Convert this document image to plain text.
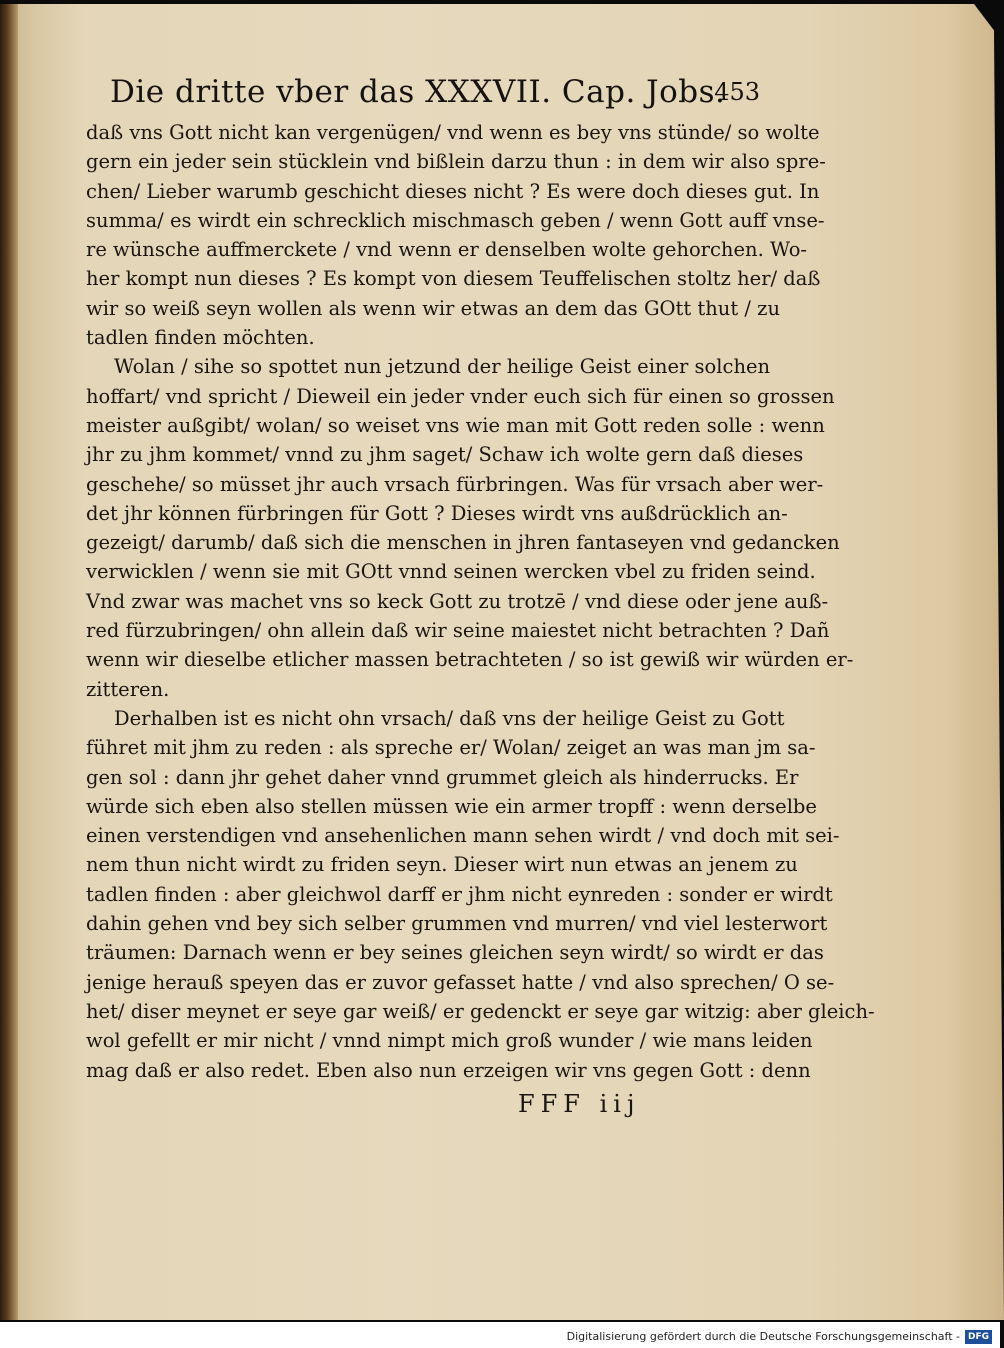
Die dritte vber das XXXVII. Cap. Jobs.
453
daß vns Gott nicht kan vergenügen/ vnd wenn es bey vns stünde/ so wolte
gern ein jeder sein stücklein vnd bißlein darzu thun : in dem wir also spre-
chen/ Lieber warumb geschicht dieses nicht ? Es were doch dieses gut. In
summa/ es wirdt ein schrecklich mischmasch geben / wenn Gott auff vnse-
re wünsche auffmerckete / vnd wenn er denselben wolte gehorchen. Wo-
her kompt nun dieses ? Es kompt von diesem Teuffelischen stoltz her/ daß
wir so weiß seyn wollen als wenn wir etwas an dem das GOtt thut / zu
tadlen finden möchten.
Wolan / sihe so spottet nun jetzund der heilige Geist einer solchen
hoffart/ vnd spricht / Dieweil ein jeder vnder euch sich für einen so grossen
meister außgibt/ wolan/ so weiset vns wie man mit Gott reden solle : wenn
jhr zu jhm kommet/ vnnd zu jhm saget/ Schaw ich wolte gern daß dieses
geschehe/ so müsset jhr auch vrsach fürbringen. Was für vrsach aber wer-
det jhr können fürbringen für Gott ? Dieses wirdt vns außdrücklich an-
gezeigt/ darumb/ daß sich die menschen in jhren fantaseyen vnd gedancken
verwicklen / wenn sie mit GOtt vnnd seinen wercken vbel zu friden seind.
Vnd zwar was machet vns so keck Gott zu trotzē / vnd diese oder jene auß-
red fürzubringen/ ohn allein daß wir seine maiestet nicht betrachten ? Dañ
wenn wir dieselbe etlicher massen betrachteten / so ist gewiß wir würden er-
zitteren.
Derhalben ist es nicht ohn vrsach/ daß vns der heilige Geist zu Gott
führet mit jhm zu reden : als spreche er/ Wolan/ zeiget an was man jm sa-
gen sol : dann jhr gehet daher vnnd grummet gleich als hinderrucks. Er
würde sich eben also stellen müssen wie ein armer tropff : wenn derselbe
einen verstendigen vnd ansehenlichen mann sehen wirdt / vnd doch mit sei-
nem thun nicht wirdt zu friden seyn. Dieser wirt nun etwas an jenem zu
tadlen finden : aber gleichwol darff er jhm nicht eynreden : sonder er wirdt
dahin gehen vnd bey sich selber grummen vnd murren/ vnd viel lesterwort
träumen: Darnach wenn er bey seines gleichen seyn wirdt/ so wirdt er das
jenige herauß speyen das er zuvor gefasset hatte / vnd also sprechen/ O se-
het/ diser meynet er seye gar weiß/ er gedenckt er seye gar witzig: aber gleich-
wol gefellt er mir nicht / vnnd nimpt mich groß wunder / wie mans leiden
mag daß er also redet. Eben also nun erzeigen wir vns gegen Gott : denn
FFF iij
Digitalisierung gefördert durch die Deutsche Forschungsgemeinschaft - DFG
